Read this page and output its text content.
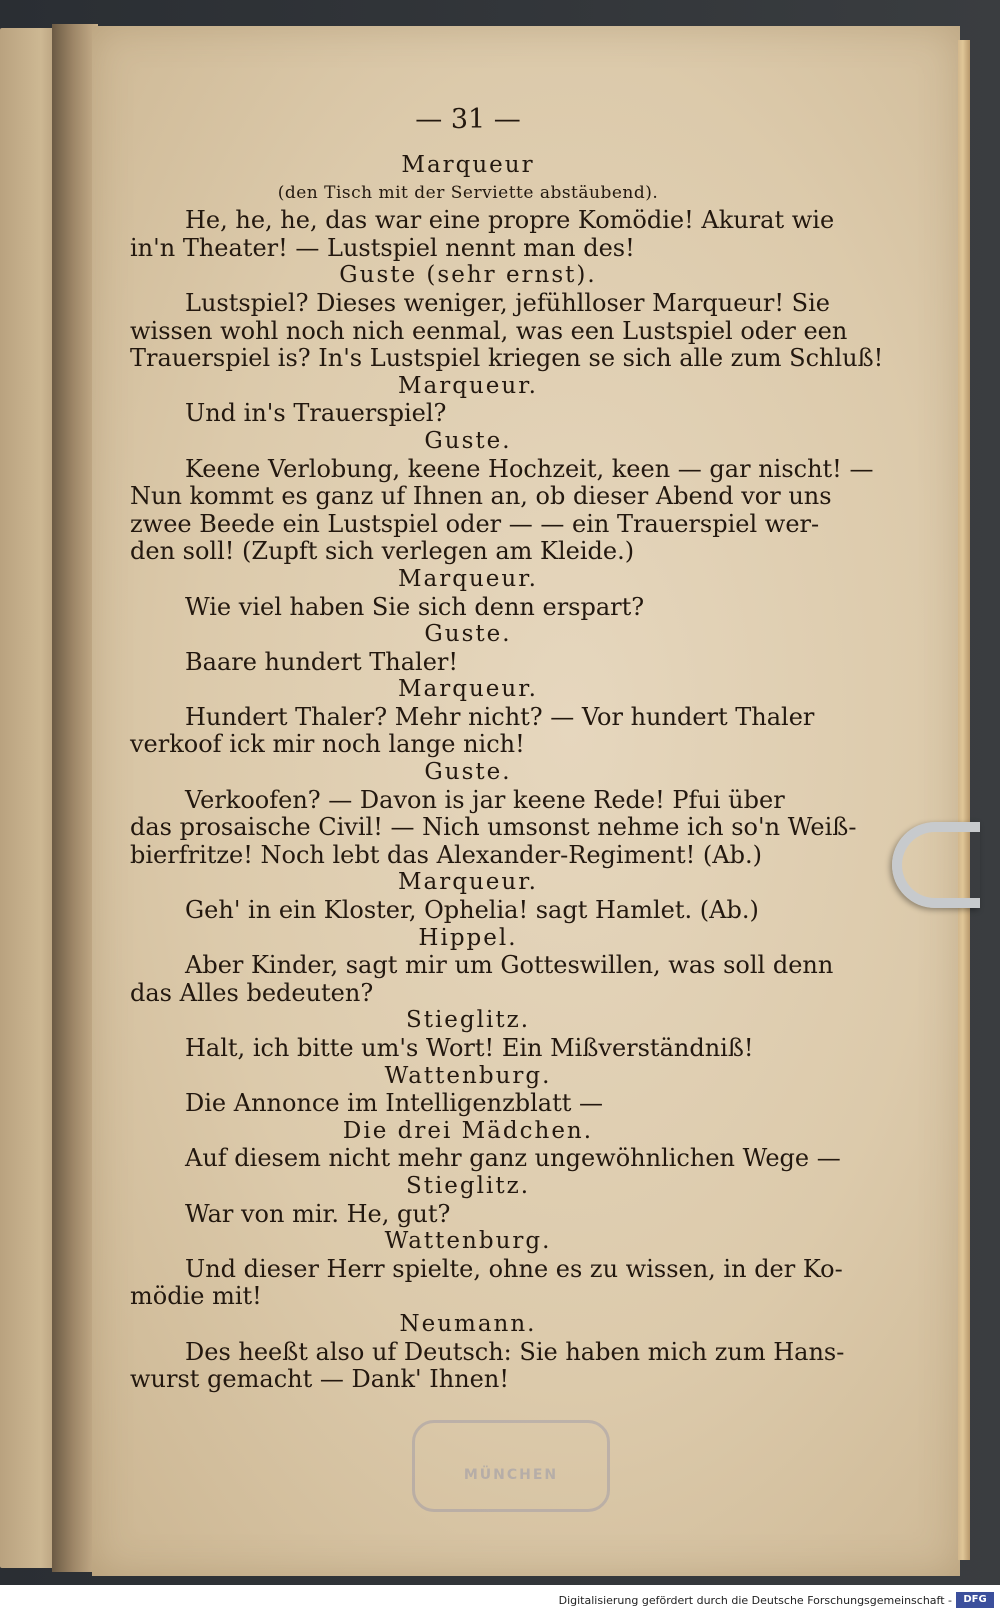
MÜNCHEN
— 31 —
Marqueur
(den Tisch mit der Serviette abstäubend).
He, he, he, das war eine propre Komödie! Akurat wie
in'n Theater! — Lustspiel nennt man des!
Guste (sehr ernst).
Lustspiel? Dieses weniger, jefühlloser Marqueur! Sie
wissen wohl noch nich eenmal, was een Lustspiel oder een
Trauerspiel is? In's Lustspiel kriegen se sich alle zum Schluß!
Marqueur.
Und in's Trauerspiel?
Guste.
Keene Verlobung, keene Hochzeit, keen — gar nischt! —
Nun kommt es ganz uf Ihnen an, ob dieser Abend vor uns
zwee Beede ein Lustspiel oder — — ein Trauerspiel wer-
den soll! (Zupft sich verlegen am Kleide.)
Marqueur.
Wie viel haben Sie sich denn erspart?
Guste.
Baare hundert Thaler!
Marqueur.
Hundert Thaler? Mehr nicht? — Vor hundert Thaler
verkoof ick mir noch lange nich!
Guste.
Verkoofen? — Davon is jar keene Rede! Pfui über
das prosaische Civil! — Nich umsonst nehme ich so'n Weiß-
bierfritze! Noch lebt das Alexander-Regiment! (Ab.)
Marqueur.
Geh' in ein Kloster, Ophelia! sagt Hamlet. (Ab.)
Hippel.
Aber Kinder, sagt mir um Gotteswillen, was soll denn
das Alles bedeuten?
Stieglitz.
Halt, ich bitte um's Wort! Ein Mißverständniß!
Wattenburg.
Die Annonce im Intelligenzblatt —
Die drei Mädchen.
Auf diesem nicht mehr ganz ungewöhnlichen Wege —
Stieglitz.
War von mir. He, gut?
Wattenburg.
Und dieser Herr spielte, ohne es zu wissen, in der Ko-
mödie mit!
Neumann.
Des heeßt also uf Deutsch: Sie haben mich zum Hans-
wurst gemacht — Dank' Ihnen!
Digitalisierung gefördert durch die Deutsche Forschungsgemeinschaft -	DFG
